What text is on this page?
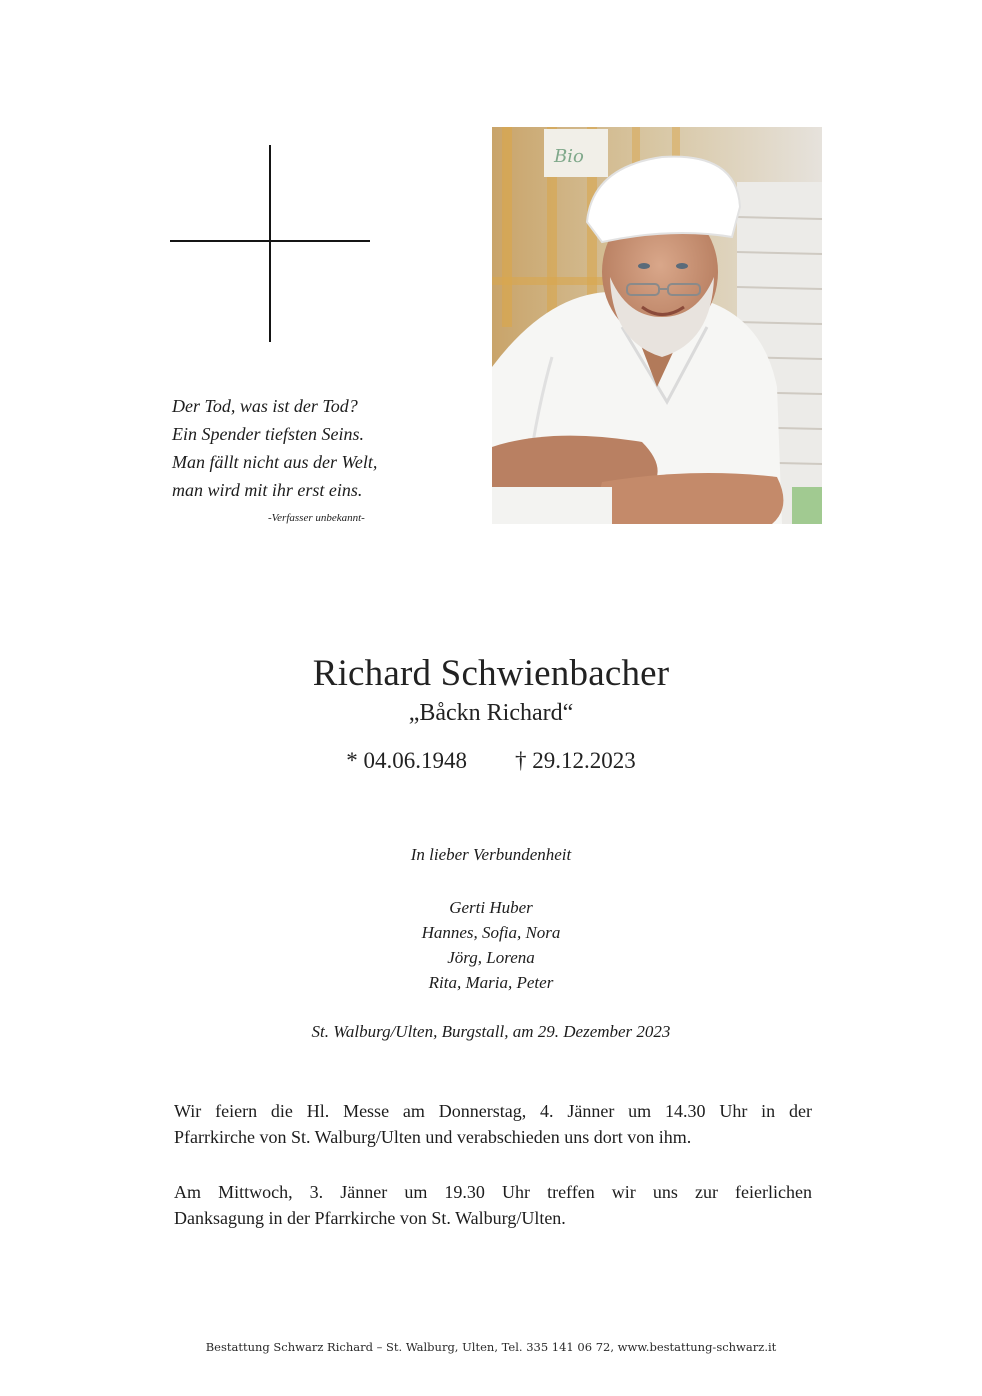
Der Tod, was ist der Tod?
Ein Spender tiefsten Seins.
Man fällt nicht aus der Welt,
man wird mit ihr erst eins.
-Verfasser unbekannt-
Bio
Richard Schwienbacher
„Båckn Richard“
* 04.06.1948 † 29.12.2023
In lieber Verbundenheit
Gerti Huber
Hannes, Sofia, Nora
Jörg, Lorena
Rita, Maria, Peter
St. Walburg/Ulten, Burgstall, am 29. Dezember 2023
Wir feiern die Hl. Messe am Donnerstag, 4. Jänner um 14.30 Uhr in der
Pfarrkirche von St. Walburg/Ulten und verabschieden uns dort von ihm.
Am Mittwoch, 3. Jänner um 19.30 Uhr treffen wir uns zur feierlichen
Danksagung in der Pfarrkirche von St. Walburg/Ulten.
Bestattung Schwarz Richard – St. Walburg, Ulten, Tel. 335 141 06 72, www.bestattung-schwarz.it
